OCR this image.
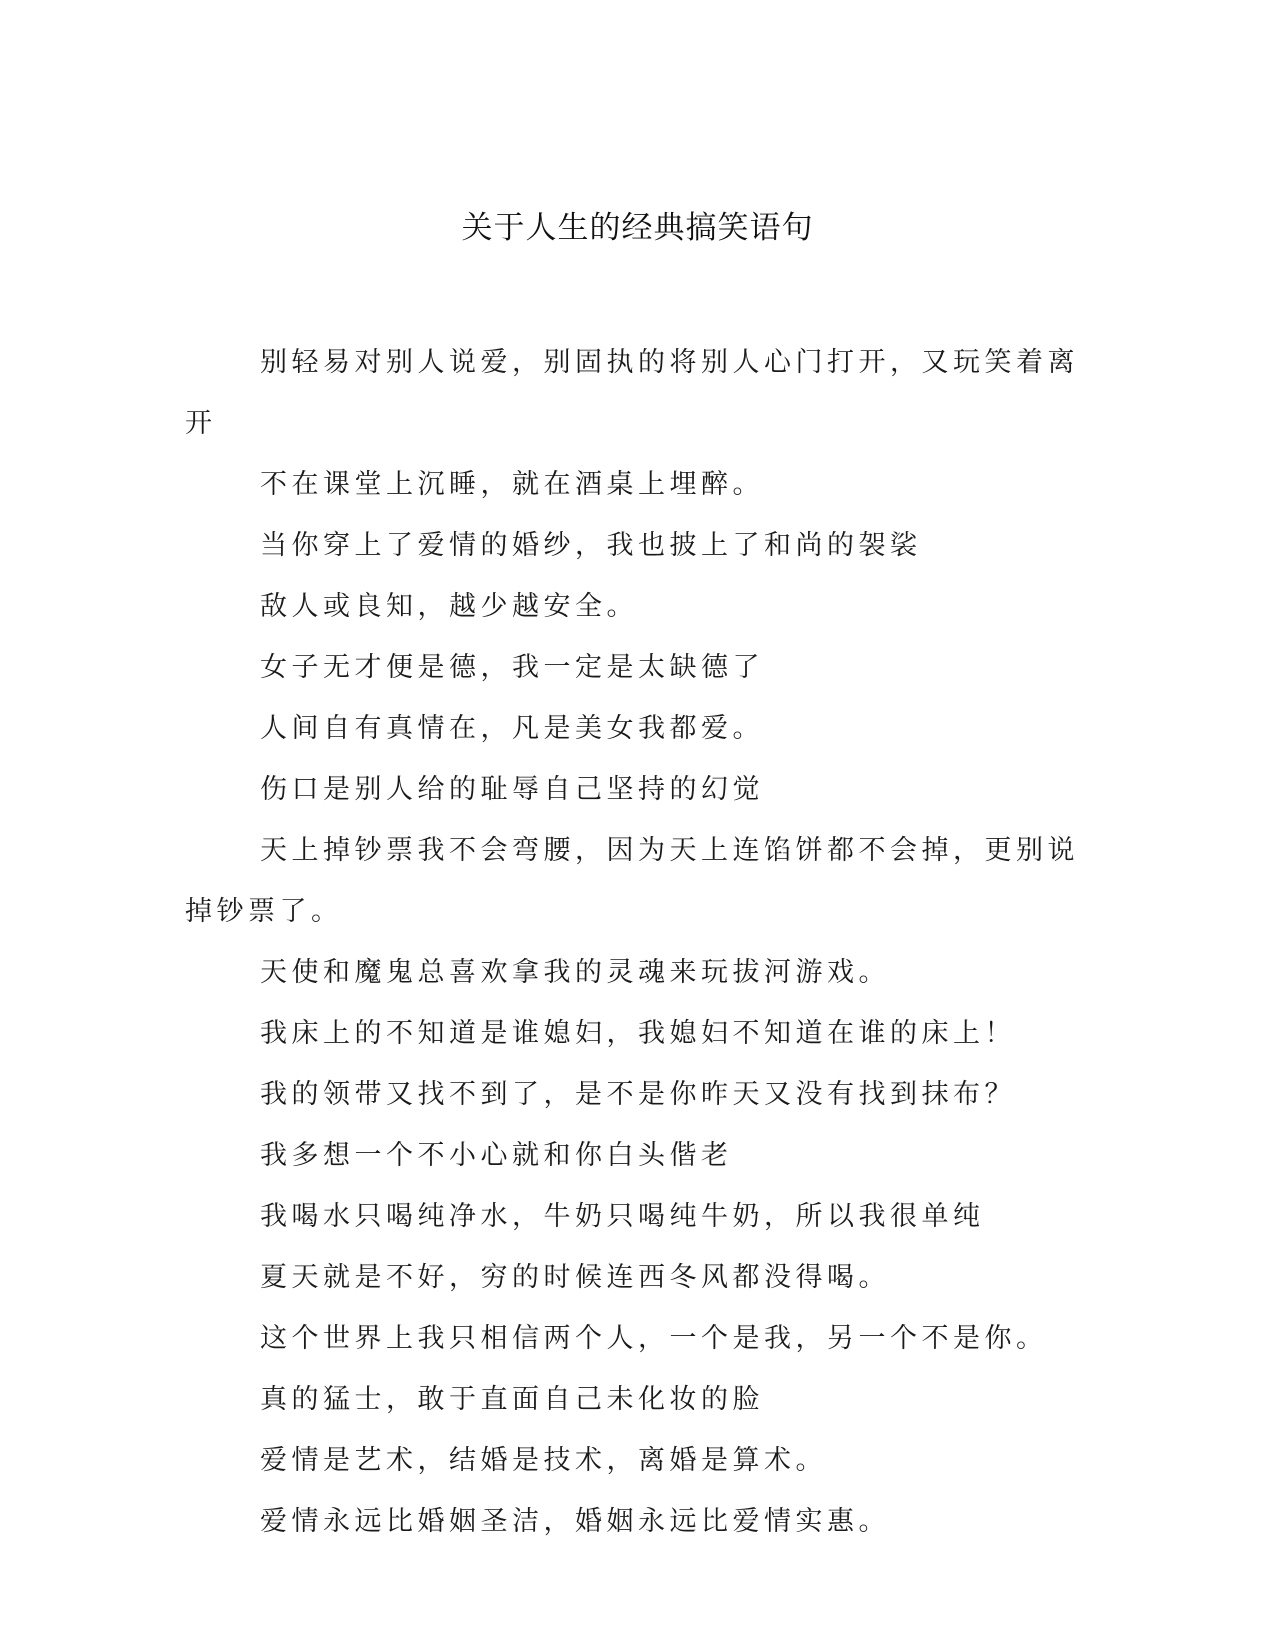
关于人生的经典搞笑语句

别轻易对别人说爱，别固执的将别人心门打开，又玩笑着离开

不在课堂上沉睡，就在酒桌上埋醉。

当你穿上了爱情的婚纱，我也披上了和尚的袈裟

敌人或良知，越少越安全。

女子无才便是德，我一定是太缺德了

人间自有真情在，凡是美女我都爱。

伤口是别人给的耻辱自己坚持的幻觉

天上掉钞票我不会弯腰，因为天上连馅饼都不会掉，更别说掉钞票了。

天使和魔鬼总喜欢拿我的灵魂来玩拔河游戏。

我床上的不知道是谁媳妇，我媳妇不知道在谁的床上！

我的领带又找不到了，是不是你昨天又没有找到抹布？

我多想一个不小心就和你白头偕老

我喝水只喝纯净水，牛奶只喝纯牛奶，所以我很单纯

夏天就是不好，穷的时候连西冬风都没得喝。

这个世界上我只相信两个人，一个是我，另一个不是你。

真的猛士，敢于直面自己未化妆的脸

爱情是艺术，结婚是技术，离婚是算术。

爱情永远比婚姻圣洁，婚姻永远比爱情实惠。
